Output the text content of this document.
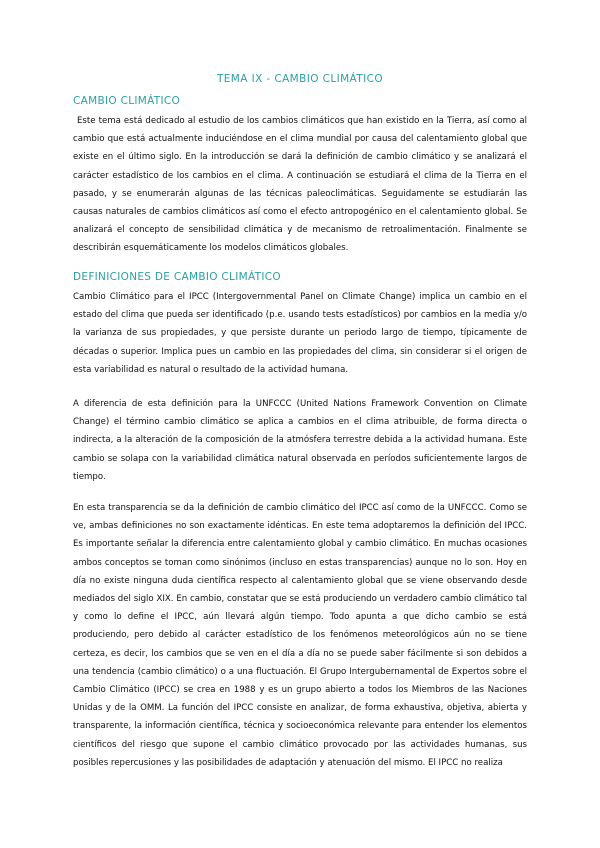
TEMA IX - CAMBIO CLIMÁTICO
CAMBIO CLIMÁTICO

Este tema está dedicado al estudio de los cambios climáticos que han existido en la Tierra, así como al cambio que está actualmente induciéndose en el clima mundial por causa del calentamiento global que existe en el último siglo. En la introducción se dará la definición de cambio climático y se analizará el carácter estadístico de los cambios en el clima. A continuación se estudiará el clima de la Tierra en el pasado, y se enumerarán algunas de las técnicas paleoclimáticas. Seguidamente se estudiarán las causas naturales de cambios climáticos así como el efecto antropogénico en el calentamiento global. Se analizará el concepto de sensibilidad climática y de mecanismo de retroalimentación. Finalmente se describirán esquemáticamente los modelos climáticos globales.

DEFINICIONES DE CAMBIO CLIMÁTICO

Cambio Climático para el IPCC (Intergovernmental Panel on Climate Change) implica un cambio en el estado del clima que pueda ser identificado (p.e. usando tests estadísticos) por cambios en la media y/o la varianza de sus propiedades, y que persiste durante un periodo largo de tiempo, típicamente de décadas o superior. Implica pues un cambio en las propiedades del clima, sin considerar si el origen de esta variabilidad es natural o resultado de la actividad humana.

A diferencia de esta definición para la UNFCCC (United Nations Framework Convention on Climate Change) el término cambio climático se aplica a cambios en el clima atribuible, de forma directa o indirecta, a la alteración de la composición de la atmósfera terrestre debida a la actividad humana. Este cambio se solapa con la variabilidad climática natural observada en períodos suficientemente largos de tiempo.

En esta transparencia se da la definición de cambio climático del IPCC así como de la UNFCCC. Como se ve, ambas definiciones no son exactamente idénticas. En este tema adoptaremos la definición del IPCC. Es importante señalar la diferencia entre calentamiento global y cambio climático. En muchas ocasiones ambos conceptos se toman como sinónimos (incluso en estas transparencias) aunque no lo son. Hoy en día no existe ninguna duda científica respecto al calentamiento global que se viene observando desde mediados del siglo XIX. En cambio, constatar que se está produciendo un verdadero cambio climático tal y como lo define el IPCC, aún llevará algún tiempo. Todo apunta a que dicho cambio se está produciendo, pero debido al carácter estadístico de los fenómenos meteorológicos aún no se tiene certeza, es decir, los cambios que se ven en el día a día no se puede saber fácilmente si son debidos a una tendencia (cambio climático) o a una fluctuación. El Grupo Intergubernamental de Expertos sobre el Cambio Climático (IPCC) se crea en 1988 y es un grupo abierto a todos los Miembros de las Naciones Unidas y de la OMM. La función del IPCC consiste en analizar, de forma exhaustiva, objetiva, abierta y transparente, la información científica, técnica y socioeconómica relevante para entender los elementos científicos del riesgo que supone el cambio climático provocado por las actividades humanas, sus posibles repercusiones y las posibilidades de adaptación y atenuación del mismo. El IPCC no realiza
